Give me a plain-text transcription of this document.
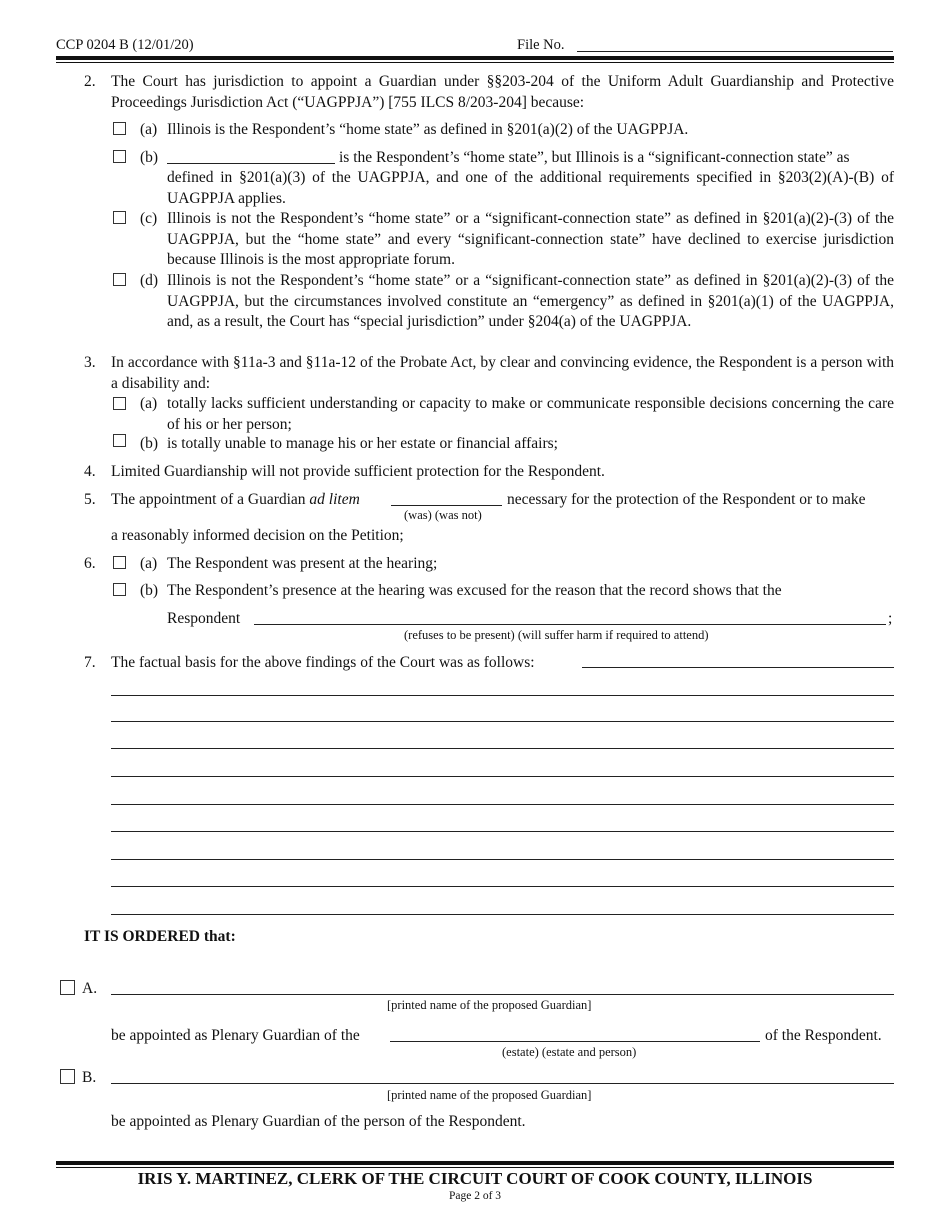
CCP 0204 B (12/01/20)	File No.
2. The Court has jurisdiction to appoint a Guardian under §§203-204 of the Uniform Adult Guardianship and Protective Proceedings Jurisdiction Act (“UAGPPJA”) [755 ILCS 8/203-204] because:
(a) Illinois is the Respondent’s “home state” as defined in §201(a)(2) of the UAGPPJA.
(b)	is the Respondent’s “home state”, but Illinois is a “significant-connection state” as
defined in §201(a)(3) of the UAGPPJA, and one of the additional requirements specified in §203(2)(A)-(B) of UAGPPJA applies.
(c) Illinois is not the Respondent’s “home state” or a “significant-connection state” as defined in §201(a)(2)-(3) of the UAGPPJA, but the “home state” and every “significant-connection state” have declined to exercise jurisdiction because Illinois is the most appropriate forum.
(d) Illinois is not the Respondent’s “home state” or a “significant-connection state” as defined in §201(a)(2)-(3) of the UAGPPJA, but the circumstances involved constitute an “emergency” as defined in §201(a)(1) of the UAGPPJA, and, as a result, the Court has “special jurisdiction” under §204(a) of the UAGPPJA.
3. In accordance with §11a-3 and §11a-12 of the Probate Act, by clear and convincing evidence, the Respondent is a person with a disability and:
(a) totally lacks sufficient understanding or capacity to make or communicate responsible decisions concerning the care of his or her person;
(b) is totally unable to manage his or her estate or financial affairs;
4. Limited Guardianship will not provide sufficient protection for the Respondent.
5. The appointment of a Guardian ad litem	necessary for the protection of the Respondent or to make
(was) (was not)
a reasonably informed decision on the Petition;
6.	(a) The Respondent was present at the hearing;
(b) The Respondent’s presence at the hearing was excused for the reason that the record shows that the
Respondent	;
(refuses to be present) (will suffer harm if required to attend)
7. The factual basis for the above findings of the Court was as follows:
IT IS ORDERED that:
A.
[printed name of the proposed Guardian]
be appointed as Plenary Guardian of the	of the Respondent.
(estate) (estate and person)
B.
[printed name of the proposed Guardian]
be appointed as Plenary Guardian of the person of the Respondent.
IRIS Y. MARTINEZ, CLERK OF THE CIRCUIT COURT OF COOK COUNTY, ILLINOIS
Page 2 of 3
